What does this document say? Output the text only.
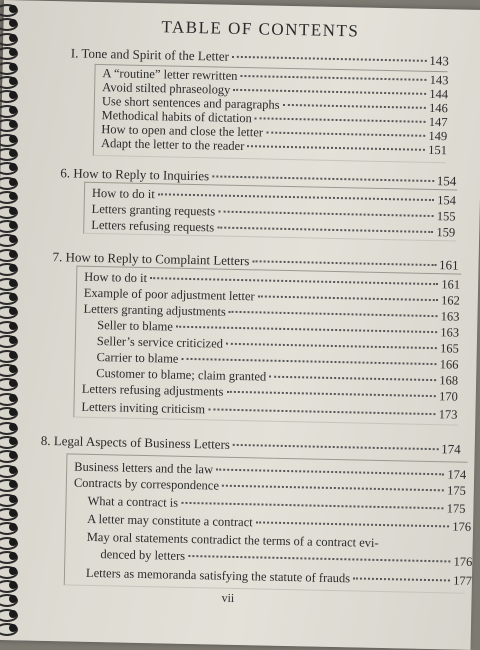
TABLE OF CONTENTS
I. Tone and Spirit of the Letter	143
A “routine” letter rewritten	143
Avoid stilted phraseology	144
Use short sentences and paragraphs	146
Methodical habits of dictation	147
How to open and close the letter	149
Adapt the letter to the reader	151
6. How to Reply to Inquiries	154
How to do it	154
Letters granting requests	155
Letters refusing requests	159
7. How to Reply to Complaint Letters	161
How to do it	161
Example of poor adjustment letter	162
Letters granting adjustments	163
Seller to blame	163
Seller’s service criticized	165
Carrier to blame	166
Customer to blame; claim granted	168
Letters refusing adjustments	170
Letters inviting criticism	173
8. Legal Aspects of Business Letters	174
Business letters and the law	174
Contracts by correspondence	175
What a contract is	175
A letter may constitute a contract	176
May oral statements contradict the terms of a contract evi-
denced by letters	176
Letters as memoranda satisfying the statute of frauds	177
vii
